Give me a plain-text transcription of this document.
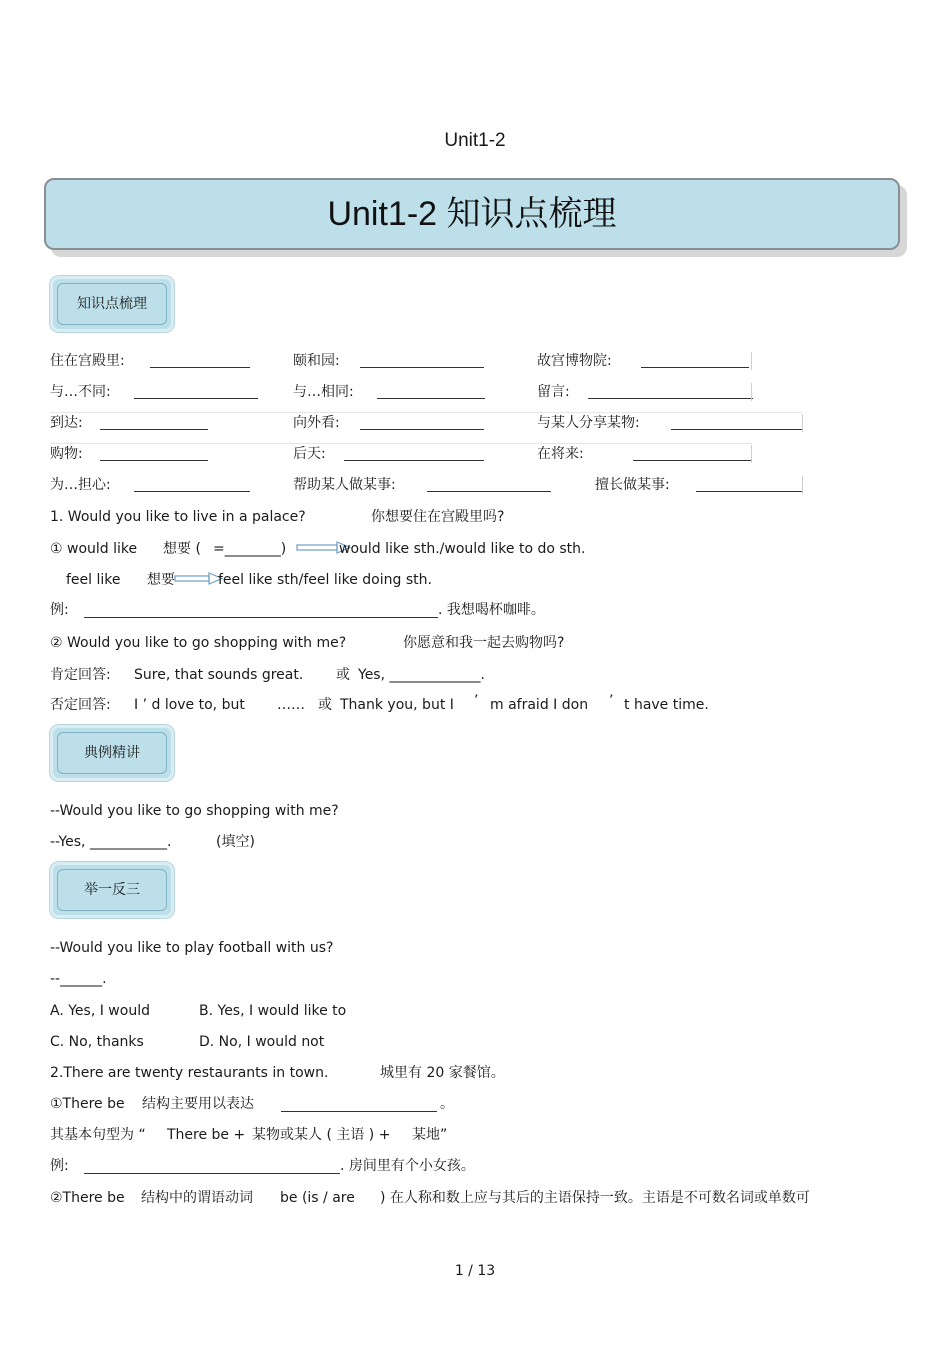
Unit1-2
Unit1-2 知识点梳理
知识点梳理
住在宫殿里:	颐和园:	故宫博物院:
与…不同:	与…相同:	留言:
到达:	向外看:	与某人分享某物:
购物:	后天:	在将来:
为…担心:	帮助某人做某事:	擅长做某事:
1. Would you like to live in a palace?	你想要住在宫殿里吗?
① would like 想要 ( =________)	would like sth./would like to do sth.
feel like 想要	feel like sth/feel like doing sth.
例:	. 我想喝杯咖啡。
② Would you like to go shopping with me?	你愿意和我一起去购物吗?
肯定回答: Sure, that sounds great. 或 Yes, _____________.
否定回答: I ’ d love to, but …… 或 Thank you, but I ’ m afraid I don ’ t have time.
典例精讲
--Would you like to go shopping with me?
--Yes, ___________.	(填空)
举一反三
--Would you like to play football with us?
--______.
A. Yes, I would	B. Yes, I would like to
C. No, thanks	D. No, I would not
2.There are twenty restaurants in town.	城里有 20 家餐馆。
①There be 结构主要用以表达	。
其基本句型为 “ There be + 某物或某人 ( 主语 ) + 某地”
例:	. 房间里有个小女孩。
②There be 结构中的谓语动词 be (is / are ) 在人称和数上应与其后的主语保持一致。主语是不可数名词或单数可
1 / 13
